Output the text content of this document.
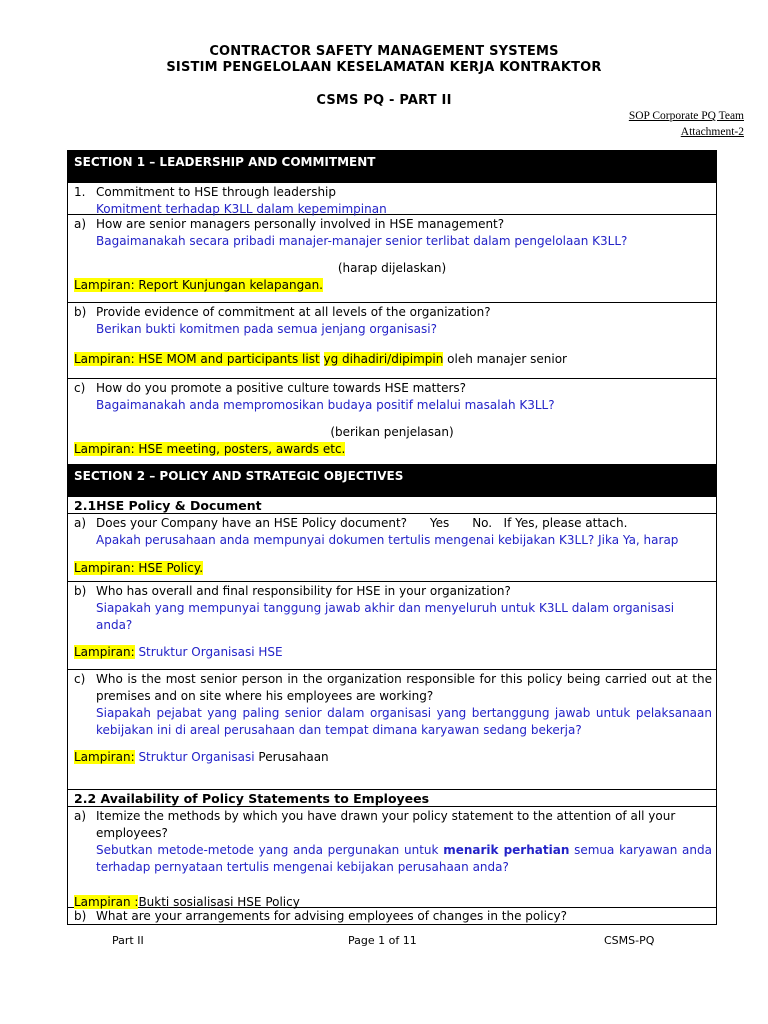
CONTRACTOR SAFETY MANAGEMENT SYSTEMS
SISTIM PENGELOLAAN KESELAMATAN KERJA KONTRAKTOR
CSMS PQ - PART II
SOP Corporate PQ Team
Attachment-2
SECTION 1 – LEADERSHIP AND COMMITMENT
1. Commitment to HSE through leadership
Komitment terhadap K3LL dalam kepemimpinan
a) How are senior managers personally involved in HSE management?
Bagaimanakah secara pribadi manajer-manajer senior terlibat dalam pengelolaan K3LL?
(harap dijelaskan)
Lampiran: Report Kunjungan kelapangan.
b) Provide evidence of commitment at all levels of the organization?
Berikan bukti komitmen pada semua jenjang organisasi?
Lampiran: HSE MOM and participants list yg dihadiri/dipimpin oleh manajer senior
c) How do you promote a positive culture towards HSE matters?
Bagaimanakah anda mempromosikan budaya positif melalui masalah K3LL?
(berikan penjelasan)
Lampiran: HSE meeting, posters, awards etc.
SECTION 2 – POLICY AND STRATEGIC OBJECTIVES
2.1HSE Policy & Document
a) Does your Company have an HSE Policy document?      Yes      No.   If Yes, please attach.
Apakah perusahaan anda mempunyai dokumen tertulis mengenai kebijakan K3LL? Jika Ya, harap
Lampiran: HSE Policy.
b) Who has overall and final responsibility for HSE in your organization?
Siapakah yang mempunyai tanggung jawab akhir dan menyeluruh untuk K3LL dalam organisasi anda?
Lampiran: Struktur Organisasi HSE
c) Who is the most senior person in the organization responsible for this policy being carried out at the premises and on site where his employees are working?
Siapakah pejabat yang paling senior dalam organisasi yang bertanggung jawab untuk pelaksanaan kebijakan ini di areal perusahaan dan tempat dimana karyawan sedang bekerja?
Lampiran: Struktur Organisasi Perusahaan
2.2 Availability of Policy Statements to Employees
a) Itemize the methods by which you have drawn your policy statement to the attention of all your employees?
Sebutkan metode-metode yang anda pergunakan untuk menarik perhatian semua karyawan anda terhadap pernyataan tertulis mengenai kebijakan perusahaan anda?
Lampiran :Bukti sosialisasi HSE Policy
b) What are your arrangements for advising employees of changes in the policy?
Part II	Page 1 of 11	CSMS-PQ
